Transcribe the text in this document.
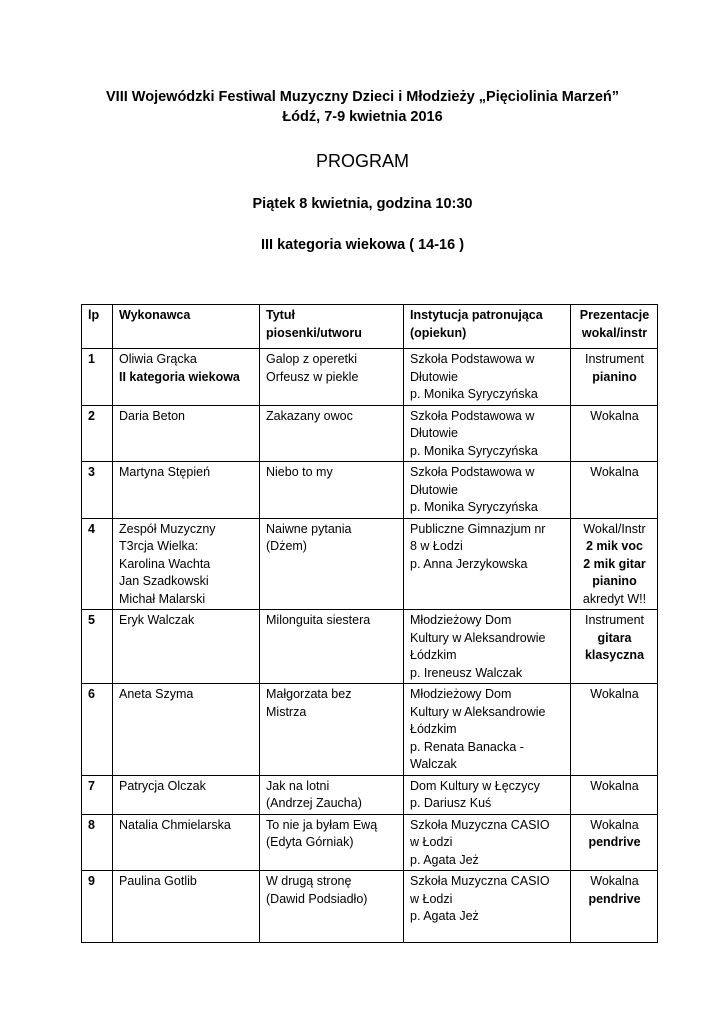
VIII Wojewódzki Festiwal Muzyczny Dzieci i Młodzieży „Pięciolinia Marzeń”
Łódź, 7-9 kwietnia 2016
PROGRAM
Piątek 8 kwietnia, godzina 10:30
III kategoria wiekowa ( 14-16 )
lp	Wykonawca	Tytuł
piosenki/utworu	Instytucja patronująca
(opiekun)	Prezentacje
wokal/instr

1	Oliwia Grącka
II kategoria wiekowa	Galop z operetki
Orfeusz w piekle	Szkoła Podstawowa w
Dłutowie
p. Monika Syryczyńska	Instrument
pianino

2	Daria Beton	Zakazany owoc	Szkoła Podstawowa w
Dłutowie
p. Monika Syryczyńska	Wokalna

3	Martyna Stępień	Niebo to my	Szkoła Podstawowa w
Dłutowie
p. Monika Syryczyńska	Wokalna

4	Zespół Muzyczny
T3rcja Wielka:
Karolina Wachta
Jan Szadkowski
Michał Malarski	Naiwne pytania
(Dżem)	Publiczne Gimnazjum nr
8 w Łodzi
p. Anna Jerzykowska	Wokal/Instr
2 mik voc
2 mik gitar
pianino
akredyt W!!

5	Eryk Walczak	Milonguita siestera	Młodzieżowy Dom
Kultury w Aleksandrowie
Łódzkim
p. Ireneusz Walczak	Instrument
gitara
klasyczna

6	Aneta Szyma	Małgorzata bez
Mistrza	Młodzieżowy Dom
Kultury w Aleksandrowie
Łódzkim
p. Renata Banacka -
Walczak	Wokalna

7	Patrycja Olczak	Jak na lotni
(Andrzej Zaucha)	Dom Kultury w Łęczycy
p. Dariusz Kuś	Wokalna

8	Natalia Chmielarska	To nie ja byłam Ewą
(Edyta Górniak)	Szkoła Muzyczna CASIO
w Łodzi
p. Agata Jeż	Wokalna
pendrive

9	Paulina Gotlib	W drugą stronę
(Dawid Podsiadło)	Szkoła Muzyczna CASIO
w Łodzi
p. Agata Jeż	Wokalna
pendrive
